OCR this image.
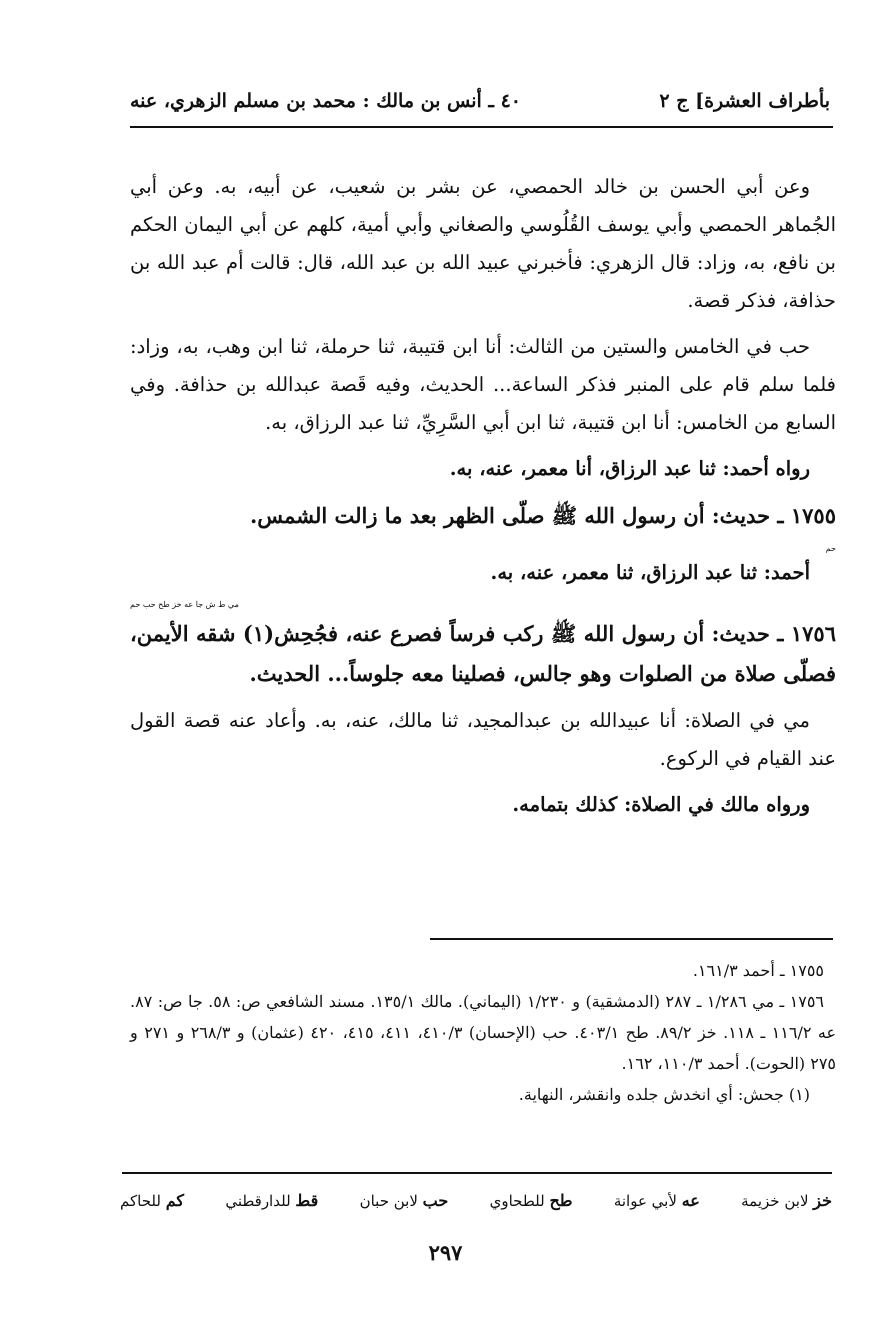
بأطراف العشرة] ج ٢
٤٠ ـ أنس بن مالك : محمد بن مسلم الزهري، عنه

وعن أبي الحسن بن خالد الحمصي، عن بشر بن شعيب، عن أبيه، به. وعن أبي الجُماهر الحمصي وأبي يوسف القُلُوسي والصغاني وأبي أمية، كلهم عن أبي اليمان الحكم بن نافع، به، وزاد: قال الزهري: فأخبرني عبيد الله بن عبد الله، قال: قالت أم عبد الله بن حذافة، فذكر قصة.

حب في الخامس والستين من الثالث: أنا ابن قتيبة، ثنا حرملة، ثنا ابن وهب، به، وزاد: فلما سلم قام على المنبر فذكر الساعة... الحديث، وفيه قَصة عبدالله بن حذافة. وفي السابع من الخامس: أنا ابن قتيبة، ثنا ابن أبي السَّرِيِّ، ثنا عبد الرزاق، به.

رواه أحمد: ثنا عبد الرزاق، أنا معمر، عنه، به.

١٧٥٥ ـ حديث: أن رسول الله ﷺ صلّى الظهر بعد ما زالت الشمس.

حم

أحمد: ثنا عبد الرزاق، ثنا معمر، عنه، به.

مي ط ش جا عه خز طح حب حم

١٧٥٦ ـ حديث: أن رسول الله ﷺ ركب فرساً فصرع عنه، فجُحِش(١) شقه الأيمن، فصلّى صلاة من الصلوات وهو جالس، فصلينا معه جلوساً... الحديث.

مي في الصلاة: أنا عبيدالله بن عبدالمجيد، ثنا مالك، عنه، به. وأعاد عنه قصة القول عند القيام في الركوع.

ورواه مالك في الصلاة: كذلك بتمامه.

١٧٥٥ ـ أحمد ١٦١/٣.

١٧٥٦ ـ مي ١/٢٨٦ ـ ٢٨٧ (الدمشقية) و ١/٢٣٠ (اليماني). مالك ١٣٥/١. مسند الشافعي ص: ٥٨. جا ص: ٨٧. عه ١١٦/٢ ـ ١١٨. خز ٨٩/٢. طح ٤٠٣/١. حب (الإحسان) ٤١٠/٣، ٤١١، ٤١٥، ٤٢٠ (عثمان) و ٢٦٨/٣ و ٢٧١ و ٢٧٥ (الحوت). أحمد ١١٠/٣، ١٦٢.

(١) جحش: أي انخدش جلده وانقشر، النهاية.

خز لابن خزيمة
عه لأبي عوانة
طح للطحاوي
حب لابن حبان
قط للدارقطني
كم للحاكم
٢٩٧
